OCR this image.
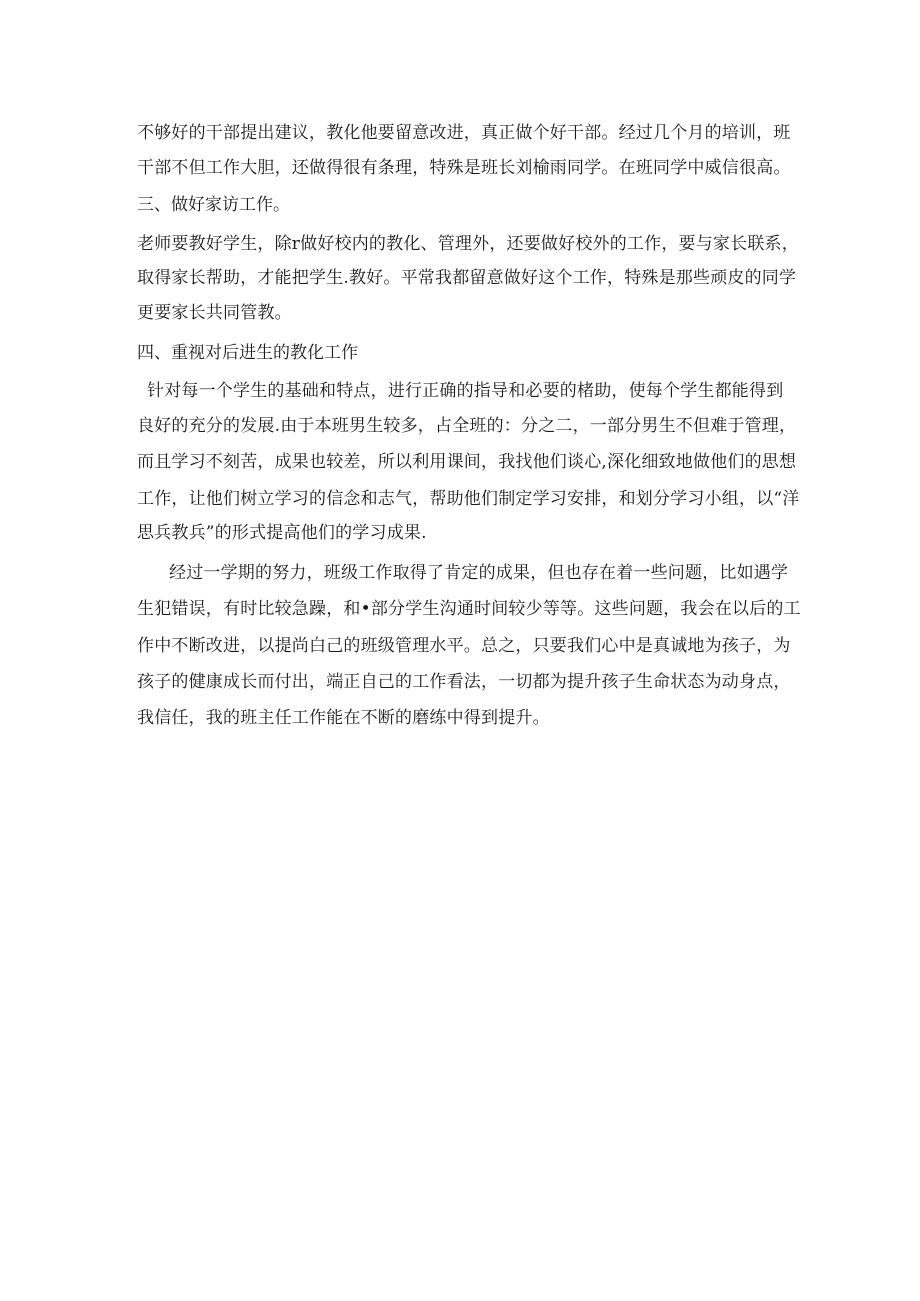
不够好的干部提出建议，教化他要留意改进，真正做个好干部。经过几个月的培训，班
干部不但工作大胆，还做得很有条理，特殊是班长刘榆雨同学。在班同学中威信很高。
三、做好家访工作。
老师要教好学生，除r做好校内的教化、管理外，还要做好校外的工作，要与家长联系，
取得家长帮助，才能把学生.教好。平常我都留意做好这个工作，特殊是那些顽皮的同学
更要家长共同管教。
四、重视对后进生的教化工作
针对每一个学生的基础和特点，进行正确的指导和必要的楮助，使每个学生都能得到
良好的充分的发展.由于本班男生较多，占全班的：分之二，一部分男生不但难于管理，
而且学习不刻苦，成果也较差，所以利用课间，我找他们谈心,深化细致地做他们的思想
工作，让他们树立学习的信念和志气，帮助他们制定学习安排，和划分学习小组，以“洋
思兵教兵”的形式提高他们的学习成果.
经过一学期的努力，班级工作取得了肯定的成果，但也存在着一些问题，比如遇学
生犯错误，有时比较急躁，和•部分学生沟通时间较少等等。这些问题，我会在以后的工
作中不断改进，以提尚白己的班级管理水平。总之，只要我们心中是真诚地为孩子，为
孩子的健康成长而付出，端正自己的工作看法，一切都为提升孩子生命状态为动身点，
我信任，我的班主任工作能在不断的磨练中得到提升。
